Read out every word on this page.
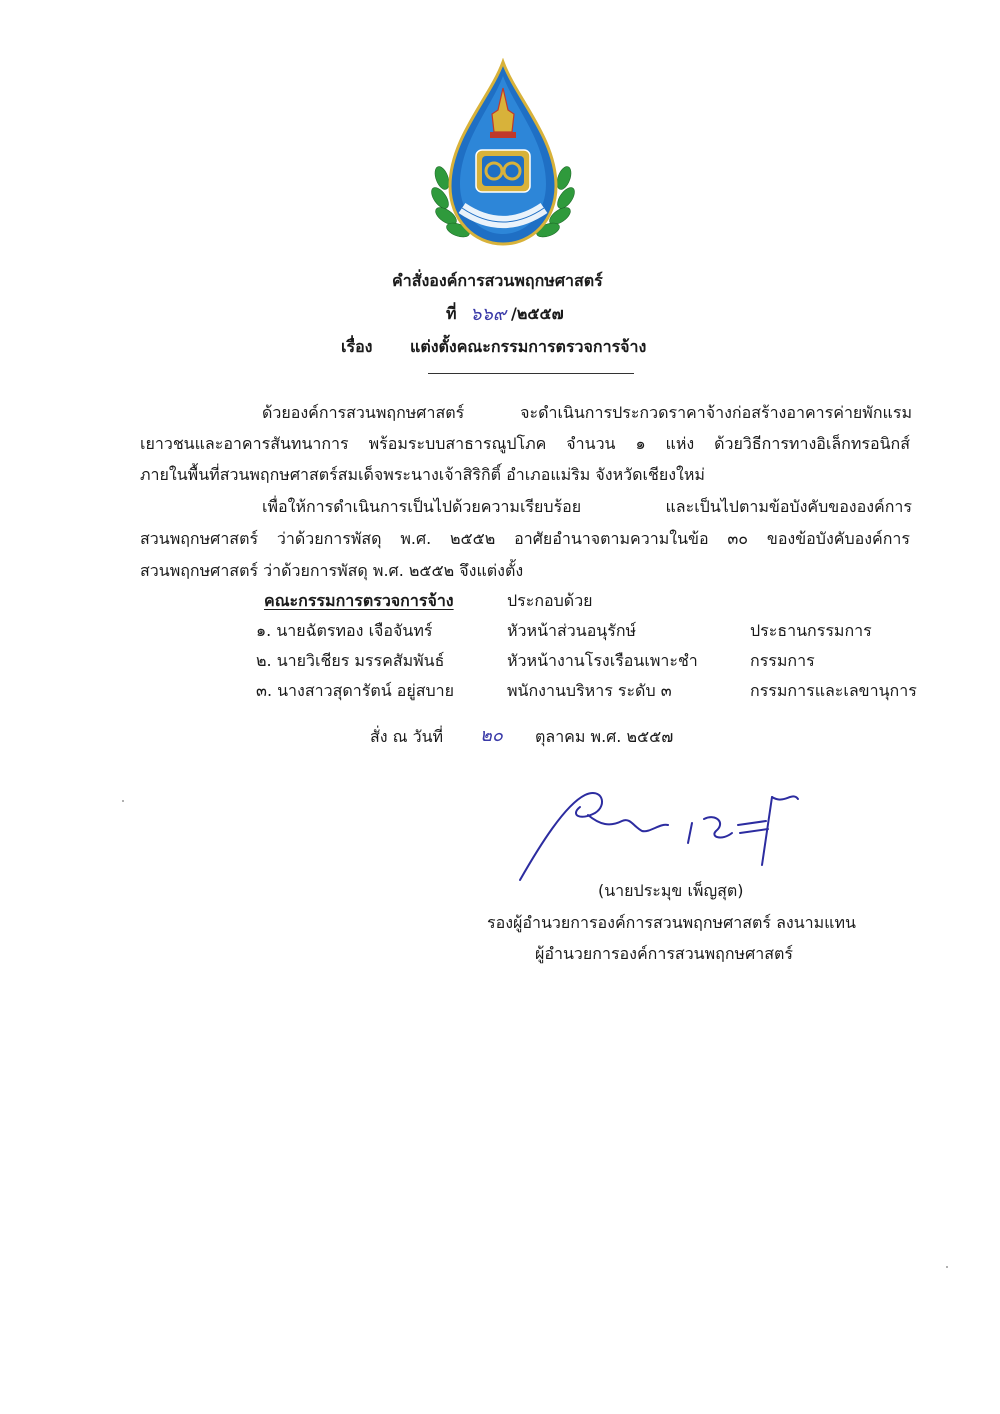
คำสั่งองค์การสวนพฤกษศาสตร์
ที่ ๖๖๙ /๒๕๕๗
เรื่อง แต่งตั้งคณะกรรมการตรวจการจ้าง
ด้วยองค์การสวนพฤกษศาสตร์ จะดำเนินการประกวดราคาจ้างก่อสร้างอาคารค่ายพักแรม
เยาวชนและอาคารสันทนาการ พร้อมระบบสาธารณูปโภค จำนวน ๑ แห่ง ด้วยวิธีการทางอิเล็กทรอนิกส์
ภายในพื้นที่สวนพฤกษศาสตร์สมเด็จพระนางเจ้าสิริกิติ์ อำเภอแม่ริม จังหวัดเชียงใหม่
เพื่อให้การดำเนินการเป็นไปด้วยความเรียบร้อย และเป็นไปตามข้อบังคับขององค์การ
สวนพฤกษศาสตร์ ว่าด้วยการพัสดุ พ.ศ. ๒๕๕๒ อาศัยอำนาจตามความในข้อ ๓๐ ของข้อบังคับองค์การ
สวนพฤกษศาสตร์ ว่าด้วยการพัสดุ พ.ศ. ๒๕๕๒ จึงแต่งตั้ง
คณะกรรมการตรวจการจ้าง	ประกอบด้วย
๑. นายฉัตรทอง เจือจันทร์	หัวหน้าส่วนอนุรักษ์	ประธานกรรมการ
๒. นายวิเชียร มรรคสัมพันธ์	หัวหน้างานโรงเรือนเพาะชำ	กรรมการ
๓. นางสาวสุดารัตน์ อยู่สบาย	พนักงานบริหาร ระดับ ๓	กรรมการและเลขานุการ
สั่ง ณ วันที่ ๒๐ ตุลาคม พ.ศ. ๒๕๕๗
(นายประมุข เพ็ญสุต)
รองผู้อำนวยการองค์การสวนพฤกษศาสตร์ ลงนามแทน
ผู้อำนวยการองค์การสวนพฤกษศาสตร์
